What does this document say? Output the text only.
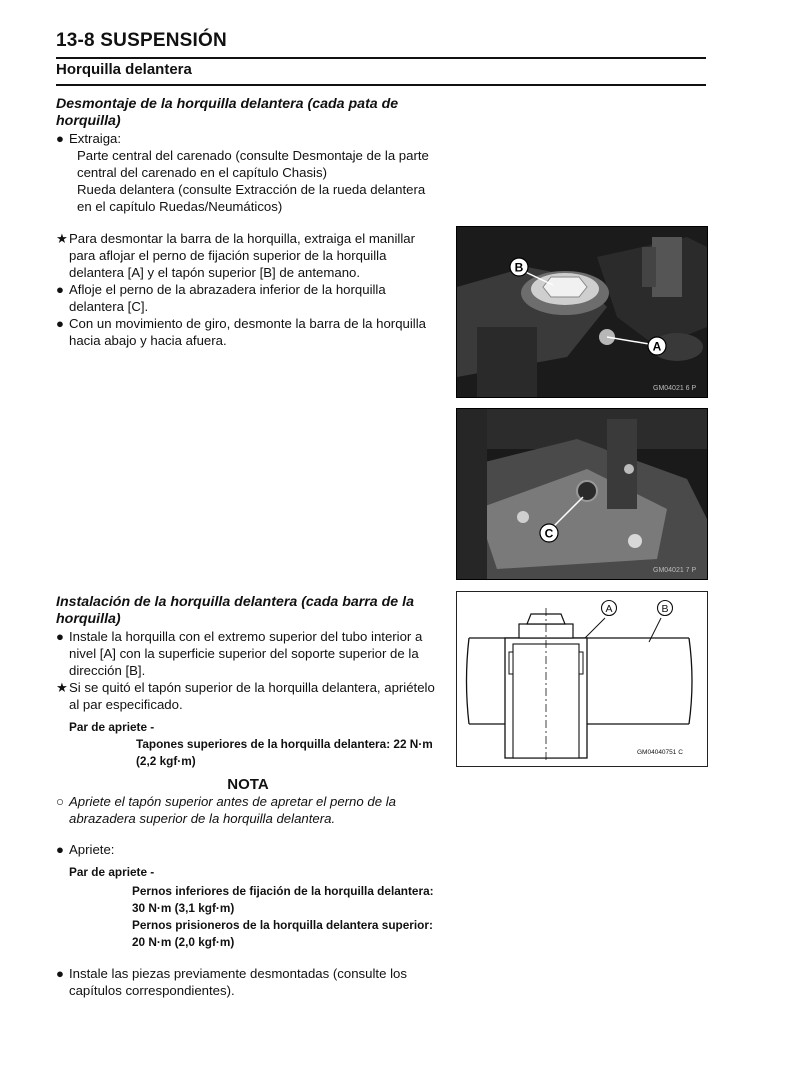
13-8 SUSPENSIÓN
Horquilla delantera
Desmontaje de la horquilla delantera (cada pata de horquilla)
● Extraiga:
Parte central del carenado (consulte Desmontaje de la parte central del carenado en el capítulo Chasis)
Rueda delantera (consulte Extracción de la rueda delantera en el capítulo Ruedas/Neumáticos)
★ Para desmontar la barra de la horquilla, extraiga el manillar para aflojar el perno de fijación superior de la horquilla delantera [A] y el tapón superior [B] de antemano.
● Afloje el perno de la abrazadera inferior de la horquilla delantera [C].
● Con un movimiento de giro, desmonte la barra de la horquilla hacia abajo y hacia afuera.
Instalación de la horquilla delantera (cada barra de la horquilla)
● Instale la horquilla con el extremo superior del tubo interior a nivel [A] con la superficie superior del soporte superior de la dirección [B].
★ Si se quitó el tapón superior de la horquilla delantera, apriételo al par especificado.
Par de apriete -
Tapones superiores de la horquilla delantera: 22 N·m (2,2 kgf·m)
NOTA
○ Apriete el tapón superior antes de apretar el perno de la abrazadera superior de la horquilla delantera.
● Apriete:
Par de apriete -
Pernos inferiores de fijación de la horquilla delantera: 30 N·m (3,1 kgf·m)
Pernos prisioneros de la horquilla delantera superior: 20 N·m (2,0 kgf·m)
● Instale las piezas previamente desmontadas (consulte los capítulos correspondientes).
B
A
GM04021 6 P
C
GM04021 7 P
A	B
GM04040751 C
